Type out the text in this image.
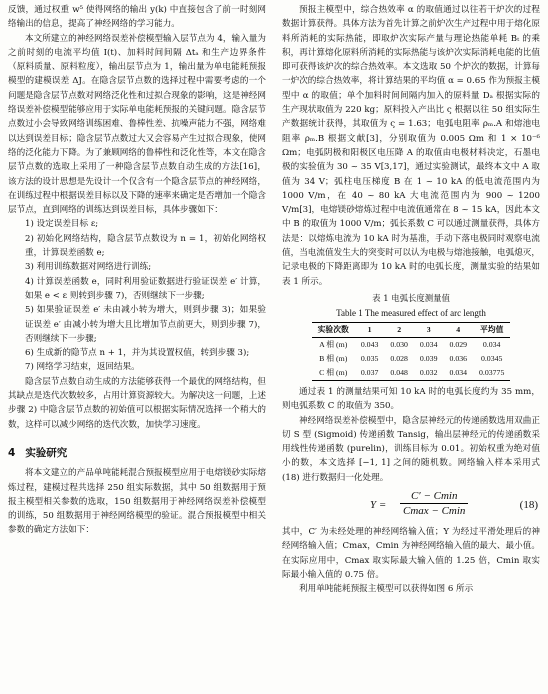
反馈，通过权重 w⁵ 使得网络的输出 y(k) 中直接包含了前一时刻网络输出的信息，提高了神经网络的学习能力。

本文所建立的神经网络误差补偿模型输入层节点为 4，输入量为之前时刻的电流平均值 I(t)、加料时间间隔 Δtₐ 和生产边界条件（原料质量、原料粒度），输出层节点为 1，输出量为单电能耗预报模型的建模误差 ΔJ。在隐含层节点数的选择过程中需要考虑的一个问题是隐含层节点数对网络泛化性和过拟合现象的影响，这是神经网络误差补偿模型能够应用于实际单电能耗预报的关键问题。隐含层节点数过小会导致网络训练困难、鲁棒性差、抗噪声能力不强，网络难以达到误差目标；隐含层节点数过大又会容易产生过拟合现象，使网络的泛化能力下降。为了兼顾网络的鲁棒性和泛化性等，本文在隐含层节点数的选取上采用了一种隐含层节点数自动生成的方法[16]，该方法的设计思想是先设计一个仅含有一个隐含层节点的神经网络，在训练过程中根据误差目标以及下降的速率来确定是否增加一个隐含层节点，直到网络的训练达到误差目标，具体步骤如下：

1) 设定误差目标 ε;

2) 初始化网络结构，隐含层节点数设为 n = 1，初始化网络权重，计算误差函数 e;

3) 利用训练数据对网络进行训练;

4) 计算误差函数 e，同时利用验证数据进行验证误差 e′ 计算，如果 e < ε 则转到步骤 7)，否则继续下一步骤;

5) 如果验证误差 e′ 未由减小转为增大，则到步骤 3)；如果验证误差 e′ 由减小转为增大且比增加节点前更大，则到步骤 7)，否则继续下一步骤;

6) 生成新的隐节点 n + 1，并为其设置权值，转到步骤 3);

7) 网络学习结束，返回结果。

隐含层节点数自动生成的方法能够获得一个最优的网络结构，但其缺点是迭代次数较多，占用计算资源较大。为解决这一问题，上述步骤 2) 中隐含层节点数的初始值可以根据实际情况选择一个稍大的数，这样可以减少网络的迭代次数，加快学习速度。

4 实验研究

将本文建立的产品单吨能耗混合预报模型应用于电熔镁砂实际熔炼过程，建模过程共选择 250 组实际数据，其中 50 组数据用于预报主模型相关参数的选取，150 组数据用于神经网络误差补偿模型的训练，50 组数据用于神经网络模型的验证。混合预报模型中相关参数的确定方法如下：

预报主模型中，综合热效率 α 的取值通过以往若干炉次的过程数据计算获得。具体方法为首先计算之前炉次生产过程中用于熔化原料所消耗的实际热能，即取炉次实际产量与理论热能单耗 Bₜ 的乘积，再计算熔化原料所消耗的实际热能与该炉次实际消耗电能的比值即可获得该炉次的综合热效率。本文选取 50 个炉次的数据，计算每一炉次的综合热效率，将计算结果的平均值 α = 0.65 作为预报主模型中 α 的取值；单个加料时间间隔内加入的原料量 Dₐ 根据实际的生产现状取值为 220 kg；原料投入产出比 ς 根据以往 50 组实际生产数据统计获得，其取值为 ς = 1.63；电弧电阻率 ρₘ.A 和熔池电阻率 ρₘ.B 根据文献[3]，分别取值为 0.005 Ωm 和 1 × 10⁻⁶ Ωm；电弧阴极和阳极区电压降 A 的取值由电极材料决定，石墨电极的实验值为 30 ~ 35 V[3,17]，通过实验测试，最终本文中 A 取值为 34 V；弧柱电压梯度 B 在 1 ~ 10 kA 的低电流范围内为 1000 V/m，在 40 ~ 80 kA 大电流范围内为 900 ~ 1200 V/m[3]，电熔镁砂熔炼过程中电流值通常在 8 ~ 15 kA，因此本文中 B 的取值为 1000 V/m；弧长系数 C 可以通过测量获得，具体方法是：以熔炼电流为 10 kA 时为基准，手动下落电极同时观察电流值，当电流值发生大的突变时可以认为电极与熔池接触，电弧熄灭，记录电极的下降距离即为 10 kA 时的电弧长度，测量实验的结果如表 1 所示。

表 1 电弧长度测量值
Table 1 The measured effect of arc length
实验次数	1	2	3	4	平均值
A 相 (m)	0.043	0.030	0.034	0.029	0.034
B 相 (m)	0.035	0.028	0.039	0.036	0.0345
C 相 (m)	0.037	0.048	0.032	0.034	0.03775

通过表 1 的测量结果可知 10 kA 时的电弧长度约为 35 mm，则电弧系数 C 的取值为 350。

神经网络误差补偿模型中，隐含层神经元的传递函数选用双曲正切 S 型 (Sigmoid) 传递函数 Tansig，输出层神经元的传递函数采用线性传递函数 (purelin)，训练目标为 0.01。初始权重为绝对值小的数，本文选择 [−1, 1] 之间的随机数。网络输入样本采用式 (18) 进行数据归一化处理。

Y =
C′ − Cmin
Cmax − Cmin	(18)

其中，C′ 为未经处理的神经网络输入值；Y 为经过平滑处理后的神经网络输入值；Cmax，Cmin 为神经网络输入值的最大、最小值。在实际应用中，Cmax 取实际最大输入值的 1.25 倍，Cmin 取实际最小输入值的 0.75 倍。

利用单吨能耗预报主模型可以获得如图 6 所示
